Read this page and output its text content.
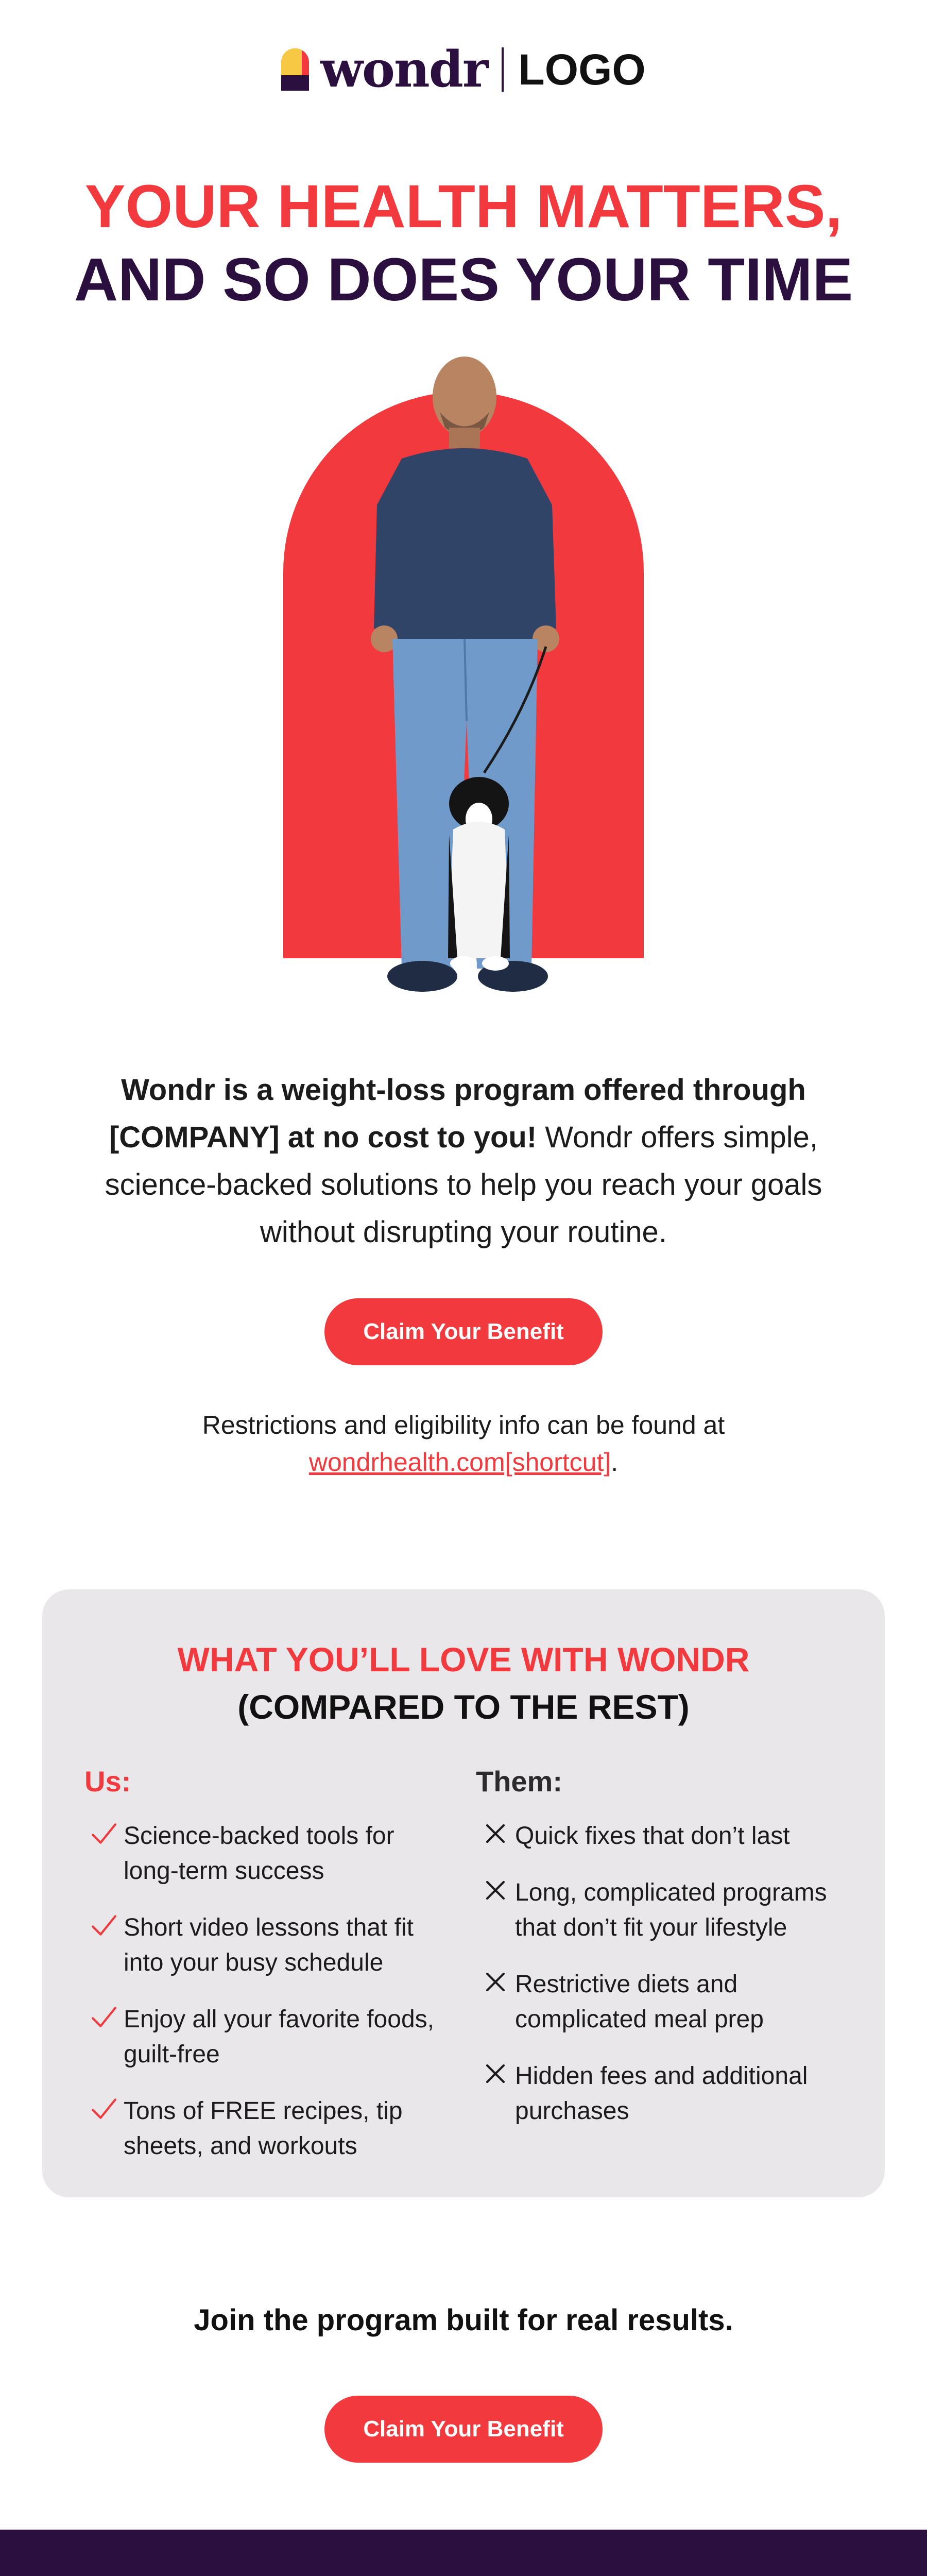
wondr LOGO
YOUR HEALTH MATTERS,
AND SO DOES YOUR TIME

Wondr is a weight-loss program offered through [COMPANY] at no cost to you! Wondr offers simple, science-backed solutions to help you reach your goals without disrupting your routine.

Claim Your Benefit

Restrictions and eligibility info can be found at
wondrhealth.com[shortcut].

WHAT YOU’LL LOVE WITH WONDR
(COMPARED TO THE REST)
Us:
Science-backed tools for long-term success
Short video lessons that fit into your busy schedule
Enjoy all your favorite foods, guilt-free
Tons of FREE recipes, tip sheets, and workouts
Them:
Quick fixes that don’t last
Long, complicated programs that don’t fit your lifestyle
Restrictive diets and complicated meal prep
Hidden fees and additional purchases
Join the program built for real results.
Claim Your Benefit
